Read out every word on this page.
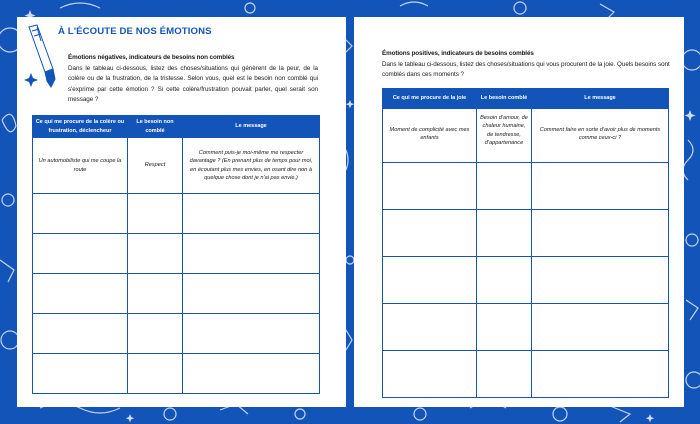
À L'ÉCOUTE DE NOS ÉMOTIONS
Émotions négatives, indicateurs de besoins non comblés
Dans le tableau ci-dessous, listez des choses/situations qui génèrent de la peur, de la colère ou de la frustration, de la tristesse. Selon vous, quel est le besoin non comblé qui s'exprime par cette émotion ? Si cette colère/frustration pouvait parler, quel serait son message ?
Ce qui me procure de la colère ou frustration, déclencheur	Le besoin non comblé	Le message
Un automobiliste qui me coupe la route	Respect	Comment puis-je moi-même me respecter davantage ? (En prenant plus de temps pour moi, en écoutant plus mes envies, en osant dire non à quelque chose dont je n'ai pas envie.)

Émotions positives, indicateurs de besoins comblés
Dans le tableau ci-dessous, listez des choses/situations qui vous procurent de la joie. Quels besoins sont comblés dans ces moments ?
Ce qui me procure de la joie	Le besoin comblé	Le message
Moment de complicité avec mes enfants	Besoin d'amour, de chaleur humaine, de tendresse, d'appartenance	Comment faire en sorte d'avoir plus de moments comme ceux-ci ?
